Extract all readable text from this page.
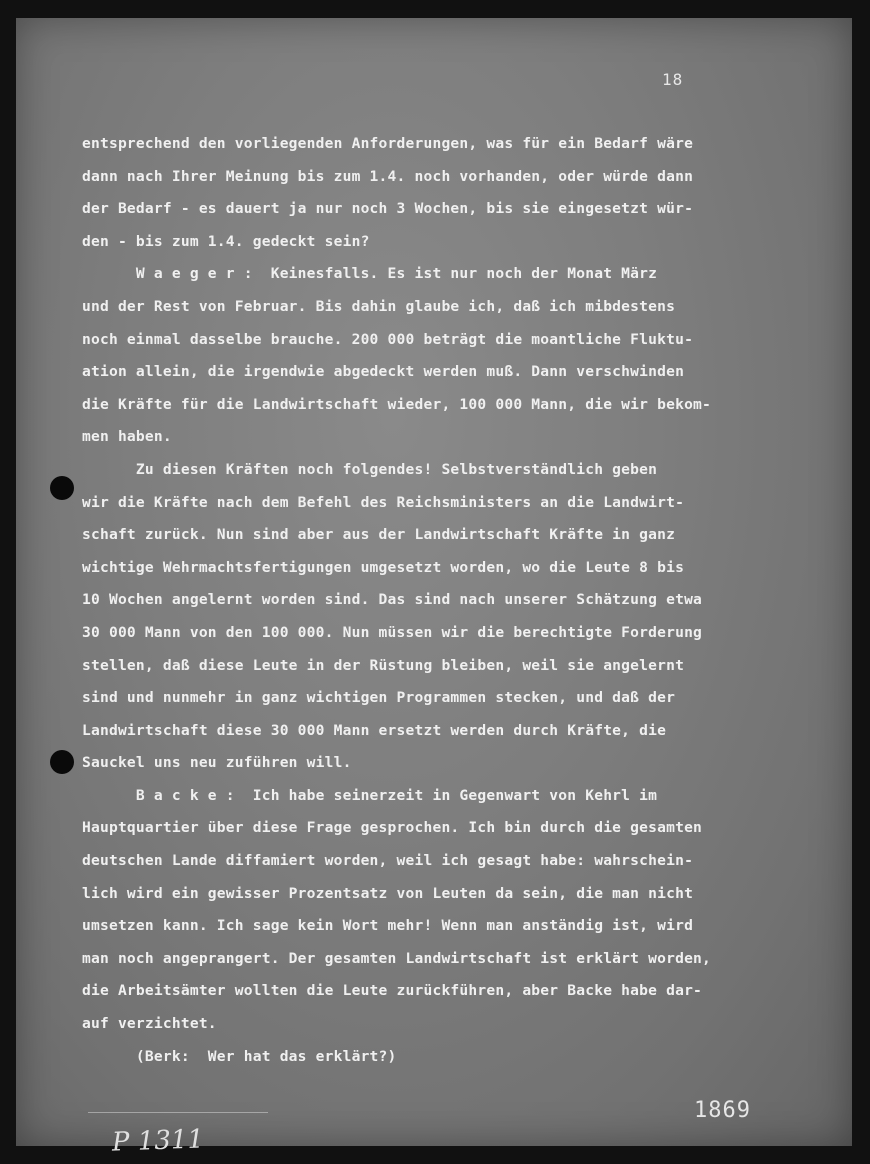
18
entsprechend den vorliegenden Anforderungen, was für ein Bedarf wäre
dann nach Ihrer Meinung bis zum 1.4. noch vorhanden, oder würde dann
der Bedarf - es dauert ja nur noch 3 Wochen, bis sie eingesetzt wür-
den - bis zum 1.4. gedeckt sein?
W a e g e r :  Keinesfalls. Es ist nur noch der Monat März
und der Rest von Februar. Bis dahin glaube ich, daß ich mibdestens
noch einmal dasselbe brauche. 200 000 beträgt die moantliche Fluktu-
ation allein, die irgendwie abgedeckt werden muß. Dann verschwinden
die Kräfte für die Landwirtschaft wieder, 100 000 Mann, die wir bekom-
men haben.
Zu diesen Kräften noch folgendes! Selbstverständlich geben
wir die Kräfte nach dem Befehl des Reichsministers an die Landwirt-
schaft zurück. Nun sind aber aus der Landwirtschaft Kräfte in ganz
wichtige Wehrmachtsfertigungen umgesetzt worden, wo die Leute 8 bis
10 Wochen angelernt worden sind. Das sind nach unserer Schätzung etwa
30 000 Mann von den 100 000. Nun müssen wir die berechtigte Forderung
stellen, daß diese Leute in der Rüstung bleiben, weil sie angelernt
sind und nunmehr in ganz wichtigen Programmen stecken, und daß der
Landwirtschaft diese 30 000 Mann ersetzt werden durch Kräfte, die
Sauckel uns neu zuführen will.
B a c k e :  Ich habe seinerzeit in Gegenwart von Kehrl im
Hauptquartier über diese Frage gesprochen. Ich bin durch die gesamten
deutschen Lande diffamiert worden, weil ich gesagt habe: wahrschein-
lich wird ein gewisser Prozentsatz von Leuten da sein, die man nicht
umsetzen kann. Ich sage kein Wort mehr! Wenn man anständig ist, wird
man noch angeprangert. Der gesamten Landwirtschaft ist erklärt worden,
die Arbeitsämter wollten die Leute zurückführen, aber Backe habe dar-
auf verzichtet.
(Berk:  Wer hat das erklärt?)
1869
P 1311
